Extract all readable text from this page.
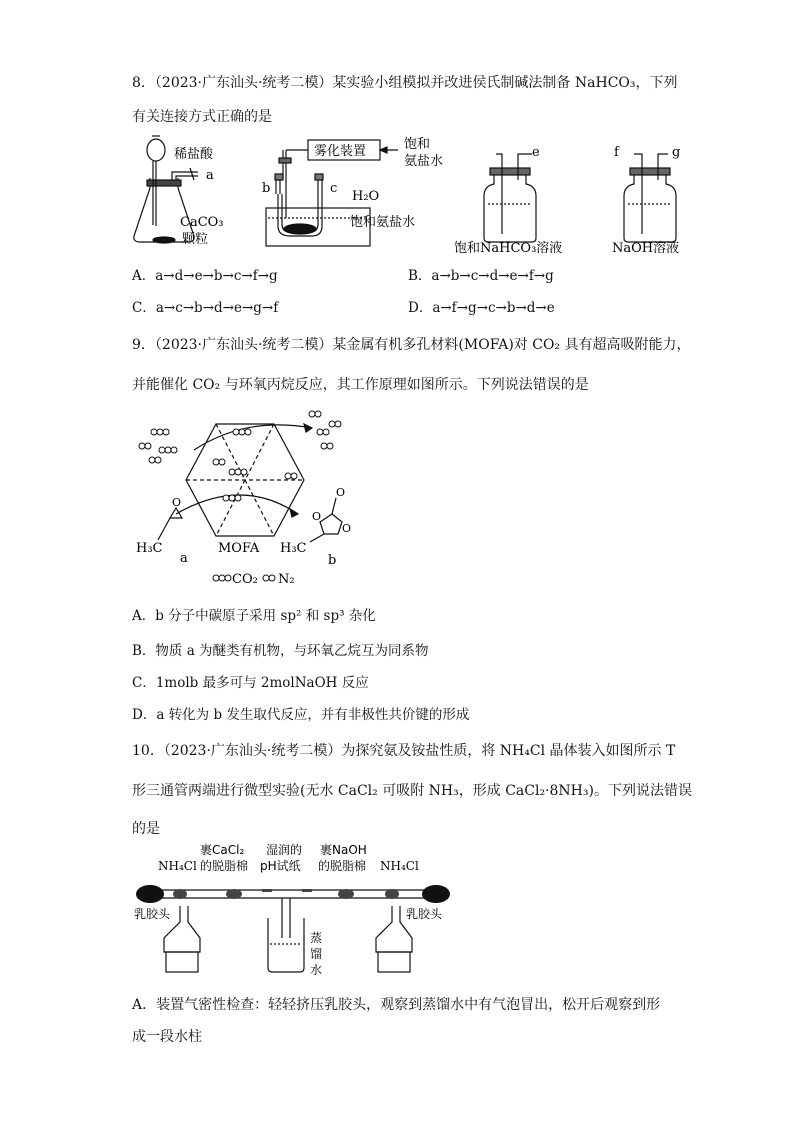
8．（2023·广东汕头·统考二模）某实验小组模拟并改进侯氏制碱法制备 NaHCO₃，下列
有关连接方式正确的是
稀盐酸
a
CaCO₃
颗粒
雾化装置	饱和
氨盐水
b	c
H₂O
饱和氨盐水
e
饱和NaHCO₃溶液
f	g
NaOH溶液
A．a→d→e→b→c→f→g	B．a→b→c→d→e→f→g
C．a→c→b→d→e→g→f	D．a→f→g→c→b→d→e
9．（2023·广东汕头·统考二模）某金属有机多孔材料(MOFA)对 CO₂ 具有超高吸附能力，
并能催化 CO₂ 与环氧丙烷反应，其工作原理如图所示。下列说法错误的是
O
H₃C
a
MOFA
O
O
O
H₃C
b
CO₂ N₂
A．b 分子中碳原子采用 sp² 和 sp³ 杂化
B．物质 a 为醚类有机物，与环氧乙烷互为同系物
C．1molb 最多可与 2molNaOH 反应
D．a 转化为 b 发生取代反应，并有非极性共价键的形成
10．（2023·广东汕头·统考二模）为探究氨及铵盐性质，将 NH₄Cl 晶体装入如图所示 T
形三通管两端进行微型实验(无水 CaCl₂ 可吸附 NH₃，形成 CaCl₂·8NH₃)。下列说法错误
的是
NH₄Cl
裹CaCl₂
的脱脂棉
湿润的
pH试纸
裹NaOH
的脱脂棉 NH₄Cl
乳胶头	乳胶头
蒸
馏
水
A．装置气密性检查：轻轻挤压乳胶头，观察到蒸馏水中有气泡冒出，松开后观察到形
成一段水柱
